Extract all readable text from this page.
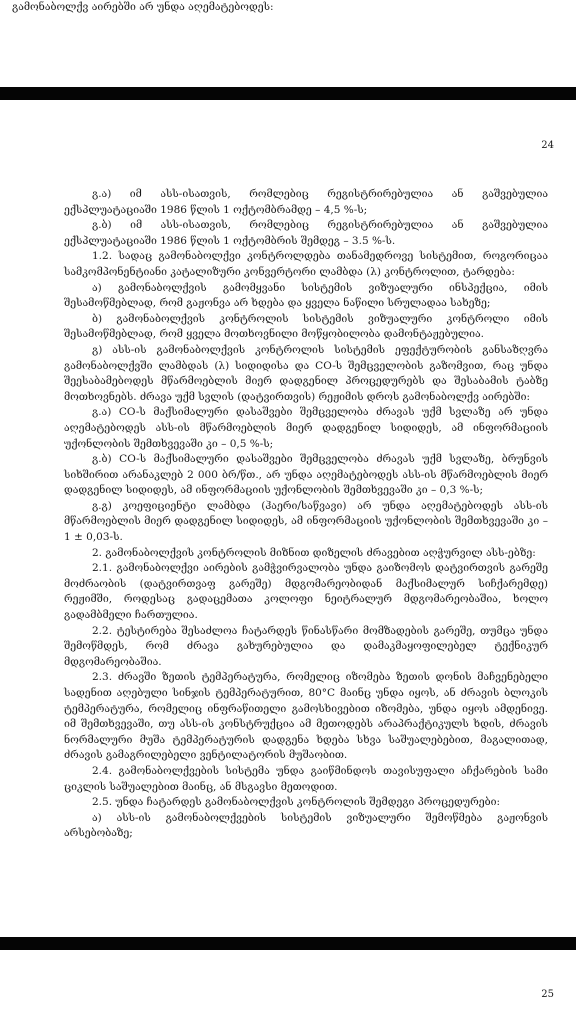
გამონაბოლქვ აირებში არ უნდა აღემატებოდეს:
24

გ.ა) იმ ასს-ისათვის, რომლებიც რეგისტრირებულია ან გაშვებულია ექსპლუატაციაში 1986 წლის 1 ოქტომბრამდე – 4,5 %-ს;

გ.ბ) იმ ასს-ისათვის, რომლებიც რეგისტრირებულია ან გაშვებულია ექსპლუატაციაში 1986 წლის 1 ოქტომბრის შემდეგ – 3.5 %-ს.

1.2. სადაც გამონაბოლქვი კონტროლდება თანამედროვე სისტემით, როგორიცაა სამკომპონენტიანი კატალიზური კონვერტორი ლამბდა (λ) კონტროლით, ტარდება:

ა) გამონაბოლქვის გამომყვანი სისტემის ვიზუალური ინსპექცია, იმის შესამოწმებლად, რომ გაჟონვა არ ხდება და ყველა ნაწილი სრულადაა სახეზე;

ბ) გამონაბოლქვის კონტროლის სისტემის ვიზუალური კონტროლი იმის შესამოწმებლად, რომ ყველა მოთხოვნილი მოწყობილობა დამონტაჟებულია.

გ) ასს-ის გამონაბოლქვის კონტროლის სისტემის ეფექტურობის განსაზღვრა გამონაბოლქვში ლამბდას (λ) სიდიდისა და CO-ს შემცველობის გაზომვით, რაც უნდა შეესაბამებოდეს მწარმოებლის მიერ დადგენილ პროცედურებს და შესაბამის ტაბზე მოთხოვნებს. ძრავა უქმ სვლის (დატვირთვის) რეჟიმის დროს გამონაბოლქვ აირებში:

გ.ა) CO-ს მაქსიმალური დასაშვები შემცველობა ძრავას უქმ სვლაზე არ უნდა აღემატებოდეს ასს-ის მწარმოებლის მიერ დადგენილ სიდიდეს, ამ ინფორმაციის უქონლობის შემთხვევაში კი – 0,5 %-ს;

გ.ბ) CO-ს მაქსიმალური დასაშვები შემცველობა ძრავას უქმ სვლაზე, ბრუნვის სიხშირით არანაკლებ 2 000 ბრ/წთ., არ უნდა აღემატებოდეს ასს-ის მწარმოებლის მიერ დადგენილ სიდიდეს, ამ ინფორმაციის უქონლობის შემთხვევაში კი – 0,3 %-ს;

გ.გ) კოეფიციენტი ლამბდა (ჰაერი/საწვავი) არ უნდა აღემატებოდეს ასს-ის მწარმოებლის მიერ დადგენილ სიდიდეს, ამ ინფორმაციის უქონლობის შემთხვევაში კი – 1 ± 0,03-ს.

2. გამონაბოლქვის კონტროლის მიზნით დიზელის ძრავებით აღჭურვილ ასს-ებზე:

2.1. გამონაბოლქვი აირების გამჭვირვალობა უნდა გაიზომოს დატვირთვის გარეშე მოძრაობის (დატვირთვაფ გარეშე) მდგომარეობიდან მაქსიმალურ სიჩქარემდე) რეჟიმში, როდესაც გადაცემათა კოლოფი ნეიტრალურ მდგომარეობაშია, ხოლო გადამბმელი ჩართულია.

2.2. ტესტირება შესაძლოა ჩატარდეს წინასწარი მომზადების გარეშე, თუმცა უნდა შემოწმდეს, რომ ძრავა გახურებულია და დამაკმაყოფილებელ ტექნიკურ მდგომარეობაშია.

2.3. ძრავში ზეთის ტემპერატურა, რომელიც იზომება ზეთის დონის მაჩვენებელი სადენით აღებული სინჯის ტემპერატურით, 80°C მაინც უნდა იყოს, ან ძრავის ბლოკის ტემპერატურა, რომელიც ინფრაწითელი გამოსხივებით იზომება, უნდა იყოს ამდენივე. იმ შემთხვევაში, თუ ასს-ის კონსტრუქცია ამ მეთოდებს არაპრაქტიკულს ხდის, ძრავის ნორმალური მუშა ტემპერატურის დადგენა ხდება სხვა საშუალებებით, მაგალითად, ძრავის გამაგრილებელი ვენტილატორის მუშაობით.

2.4. გამონაბოლქვების სისტემა უნდა გაიწმინდოს თავისუფალი აჩქარების სამი ციკლის საშუალებით მაინც, ან მსგავსი მეთოდით.

2.5. უნდა ჩატარდეს გამონაბოლქვის კონტროლის შემდეგი პროცედურები:

ა) ასს-ის გამონაბოლქვების სისტემის ვიზუალური შემოწმება გაჟონვის არსებობაზე;

25
